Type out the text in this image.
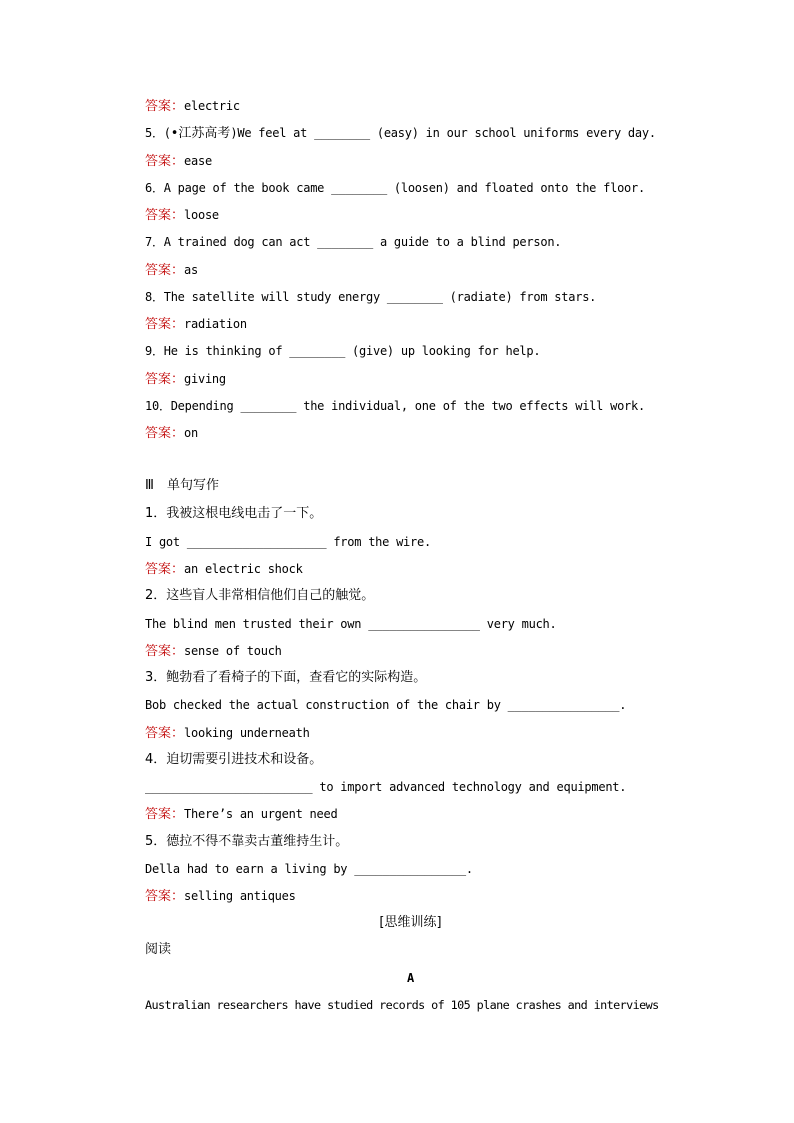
答案：electric
5．(•江苏高考)We feel at ________ (easy) in our school uniforms every day.
答案：ease
6．A page of the book came ________ (loosen) and floated onto the floor.
答案：loose
7．A trained dog can act ________ a guide to a blind person.
答案：as
8．The satellite will study energy ________ (radiate) from stars.
答案：radiation
9．He is thinking of ________ (give) up looking for help.
答案：giving
10．Depending ________ the individual, one of the two effects will work.
答案：on
Ⅲ　单句写作
1．我被这根电线电击了一下。
I got ____________________ from the wire.
答案：an electric shock
2．这些盲人非常相信他们自己的触觉。
The blind men trusted their own ________________ very much.
答案：sense of touch
3．鲍勃看了看椅子的下面，查看它的实际构造。
Bob checked the actual construction of the chair by ________________.
答案：looking underneath
4．迫切需要引进技术和设备。
________________________ to import advanced technology and equipment.
答案：There’s an urgent need
5．德拉不得不靠卖古董维持生计。
Della had to earn a living by ________________.
答案：selling antiques
[思维训练]
阅读
A
Australian researchers have studied records of 105 plane crashes and interviews
